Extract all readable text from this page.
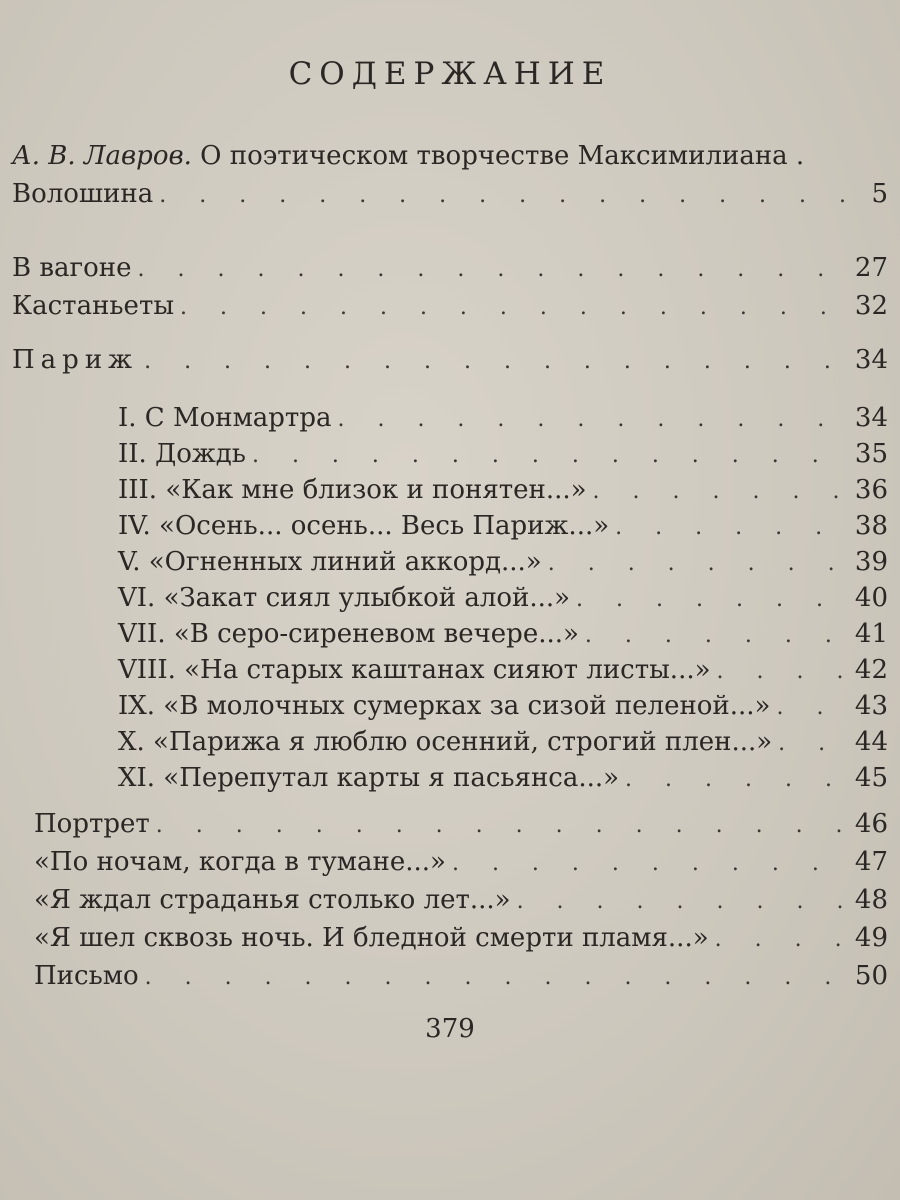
СОДЕРЖАНИЕ
А. В. Лавров. О поэтическом творчестве Максимилиана .
Волошина . . .	5
В вагоне . . .	27
Кастаньеты . . .	32
Париж . . .	34
I. С Монмартра . . .	34
II. Дождь . . .	35
III. «Как мне близок и понятен...» . . .	36
IV. «Осень... осень... Весь Париж...» . . .	38
V. «Огненных линий аккорд...» . . .	39
VI. «Закат сиял улыбкой алой...» . . .	40
VII. «В серо-сиреневом вечере...» . . .	41
VIII. «На старых каштанах сияют листы...» . . .	42
IX. «В молочных сумерках за сизой пеленой...» . . .	43
X. «Парижа я люблю осенний, строгий плен...» . . .	44
XI. «Перепутал карты я пасьянса...» . . .	45
Портрет . . .	46
«По ночам, когда в тумане...» . . .	47
«Я ждал страданья столько лет...» . . .	48
«Я шел сквозь ночь. И бледной смерти пламя...» . . .	49
Письмо . . .	50
379
